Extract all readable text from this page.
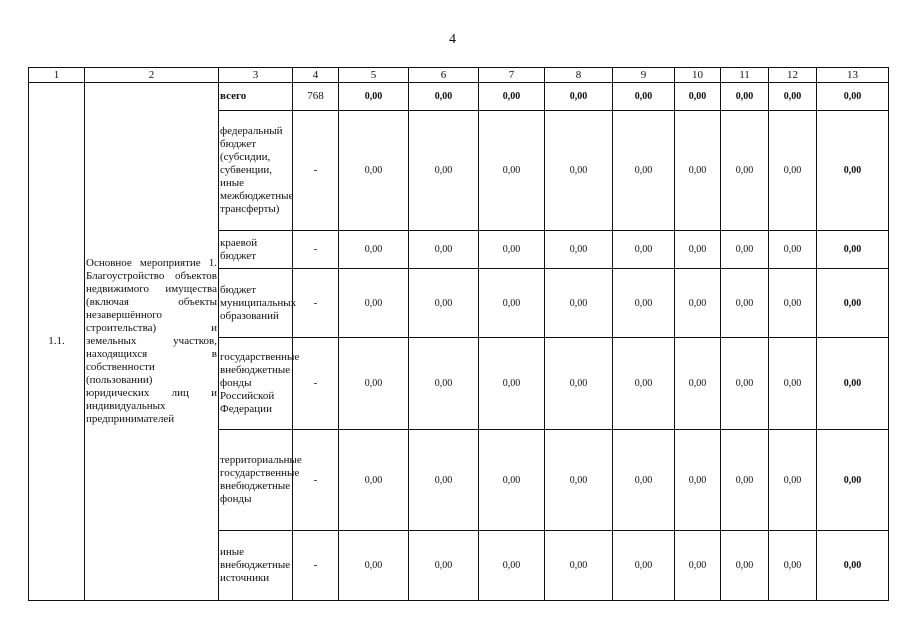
4
1	2	3	4	5	6	7	8	9	10	11	12	13
1.1.	Основное мероприятие 1. Благоустройство объектов недвижимого имущества (включая объекты незавершённого строительства) и земельных участков, находящихся в собственности (пользовании) юридических лиц и индивидуальных предпринимателей	всего	768	0,00	0,00	0,00	0,00	0,00	0,00	0,00	0,00	0,00
		федеральный бюджет (субсидии, субвенции, иные межбюджетные трансферты)	-	0,00	0,00	0,00	0,00	0,00	0,00	0,00	0,00	0,00
		краевой бюджет	-	0,00	0,00	0,00	0,00	0,00	0,00	0,00	0,00	0,00
		бюджет муниципальных образований	-	0,00	0,00	0,00	0,00	0,00	0,00	0,00	0,00	0,00
		государственные внебюджетные фонды Российской Федерации	-	0,00	0,00	0,00	0,00	0,00	0,00	0,00	0,00	0,00
		территориальные государственные внебюджетные фонды	-	0,00	0,00	0,00	0,00	0,00	0,00	0,00	0,00	0,00
		иные внебюджетные источники	-	0,00	0,00	0,00	0,00	0,00	0,00	0,00	0,00	0,00
